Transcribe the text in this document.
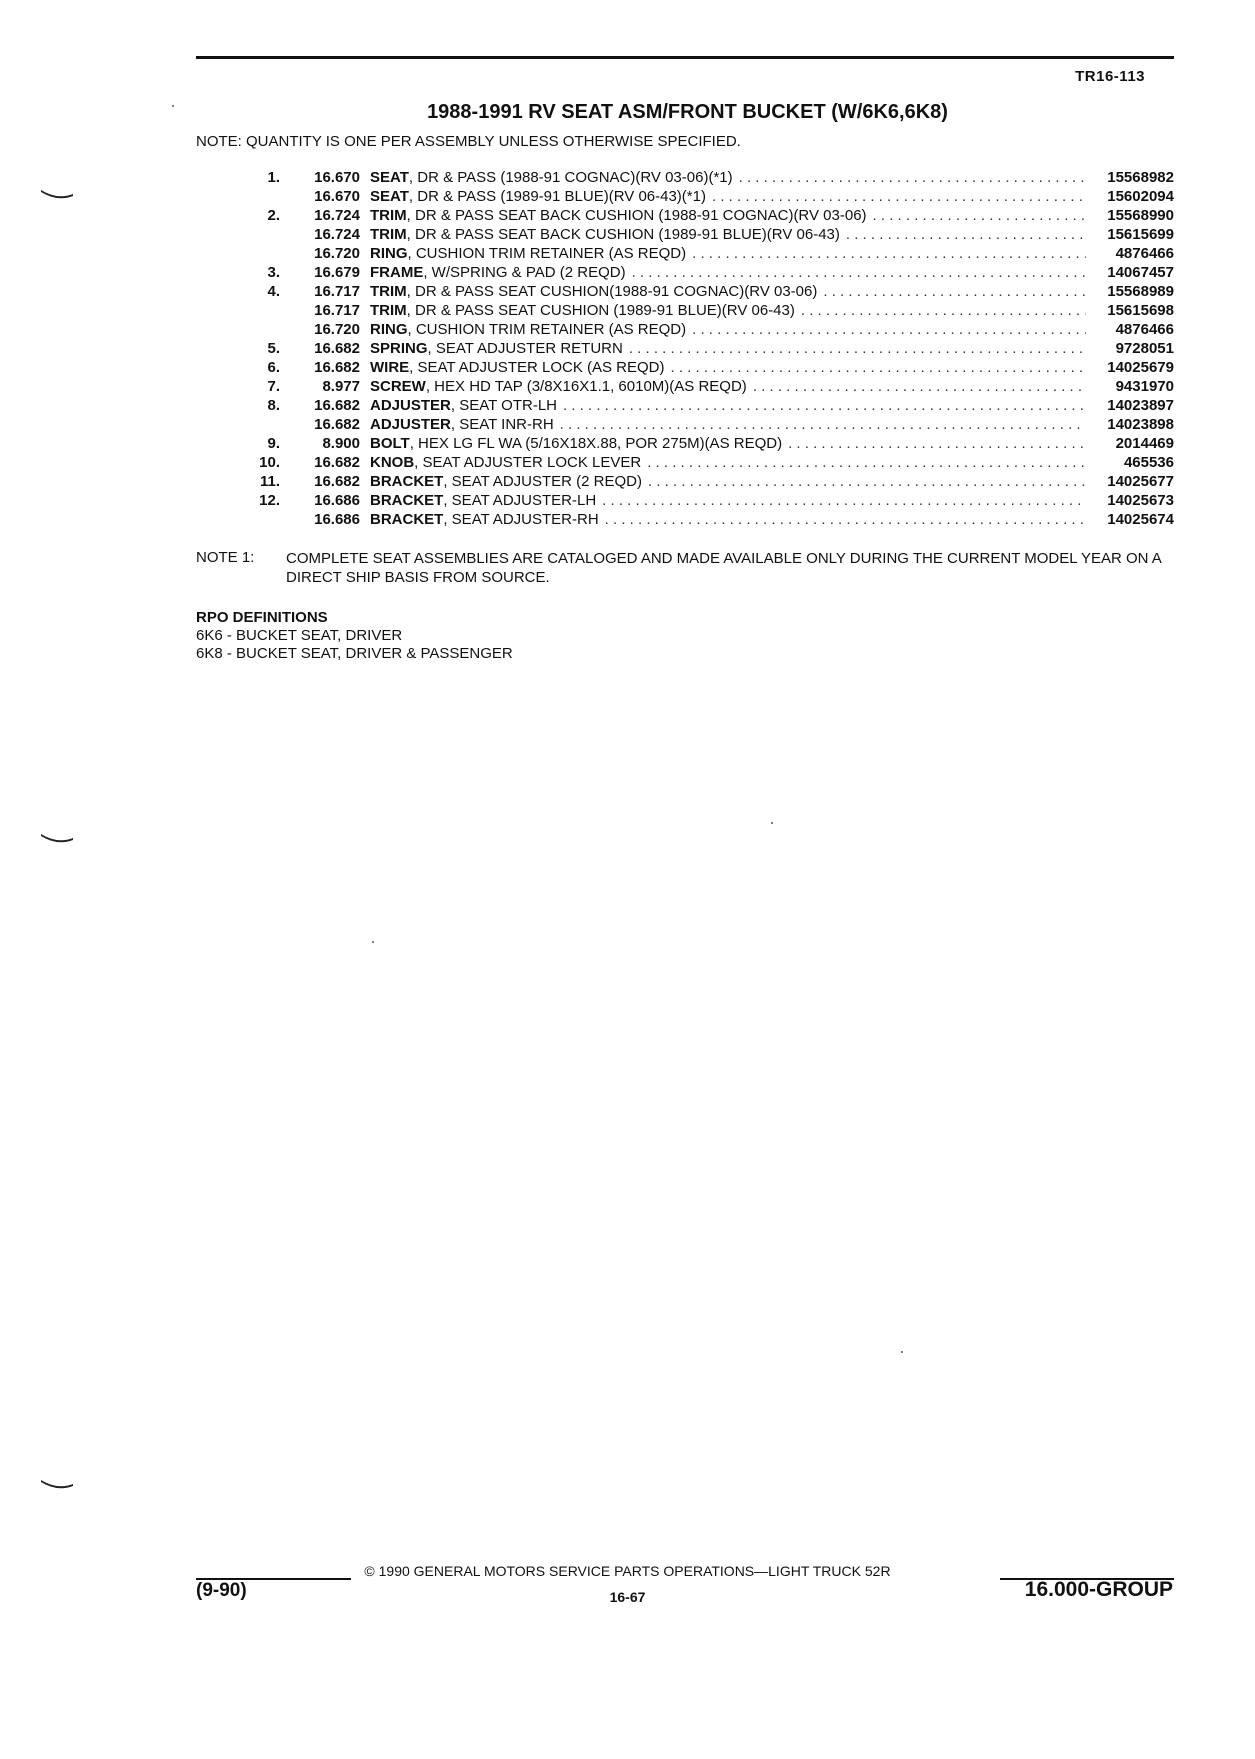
TR16-113
1988-1991 RV SEAT ASM/FRONT BUCKET (W/6K6,6K8)
NOTE: QUANTITY IS ONE PER ASSEMBLY UNLESS OTHERWISE SPECIFIED.
1.	16.670 SEAT , DR & PASS (1988-91 COGNAC)(RV 03-06)(*1) . . .	15568982
16.670 SEAT , DR & PASS (1989-91 BLUE)(RV 06-43)(*1) . . .	15602094
2.	16.724 TRIM , DR & PASS SEAT BACK CUSHION (1988-91 COGNAC)(RV 03-06) . . .	15568990
16.724 TRIM , DR & PASS SEAT BACK CUSHION (1989-91 BLUE)(RV 06-43) . . .	15615699
16.720 RING , CUSHION TRIM RETAINER (AS REQD) . . .	4876466
3.	16.679 FRAME , W/SPRING & PAD (2 REQD) . . .	14067457
4.	16.717 TRIM , DR & PASS SEAT CUSHION(1988-91 COGNAC)(RV 03-06) . . .	15568989
16.717 TRIM , DR & PASS SEAT CUSHION (1989-91 BLUE)(RV 06-43) . . .	15615698
16.720 RING , CUSHION TRIM RETAINER (AS REQD) . . .	4876466
5.	16.682 SPRING , SEAT ADJUSTER RETURN . . .	9728051
6.	16.682 WIRE , SEAT ADJUSTER LOCK (AS REQD) . . .	14025679
7.	8.977 SCREW , HEX HD TAP (3/8X16X1.1, 6010M)(AS REQD) . . .	9431970
8.	16.682 ADJUSTER , SEAT OTR-LH . . .	14023897
16.682 ADJUSTER , SEAT INR-RH . . .	14023898
9.	8.900 BOLT , HEX LG FL WA (5/16X18X.88, POR 275M)(AS REQD) . . .	2014469
10.	16.682 KNOB , SEAT ADJUSTER LOCK LEVER . . .	465536
11.	16.682 BRACKET , SEAT ADJUSTER (2 REQD) . . .	14025677
12.	16.686 BRACKET , SEAT ADJUSTER-LH . . .	14025673
16.686 BRACKET , SEAT ADJUSTER-RH . . .	14025674
NOTE 1: COMPLETE SEAT ASSEMBLIES ARE CATALOGED AND MADE AVAILABLE ONLY DURING THE CURRENT MODEL YEAR ON A DIRECT SHIP BASIS FROM SOURCE.
RPO DEFINITIONS
6K6 - BUCKET SEAT, DRIVER
6K8 - BUCKET SEAT, DRIVER & PASSENGER
© 1990 GENERAL MOTORS SERVICE PARTS OPERATIONS—LIGHT TRUCK 52R
(9-90)	16-67	16.000-GROUP
